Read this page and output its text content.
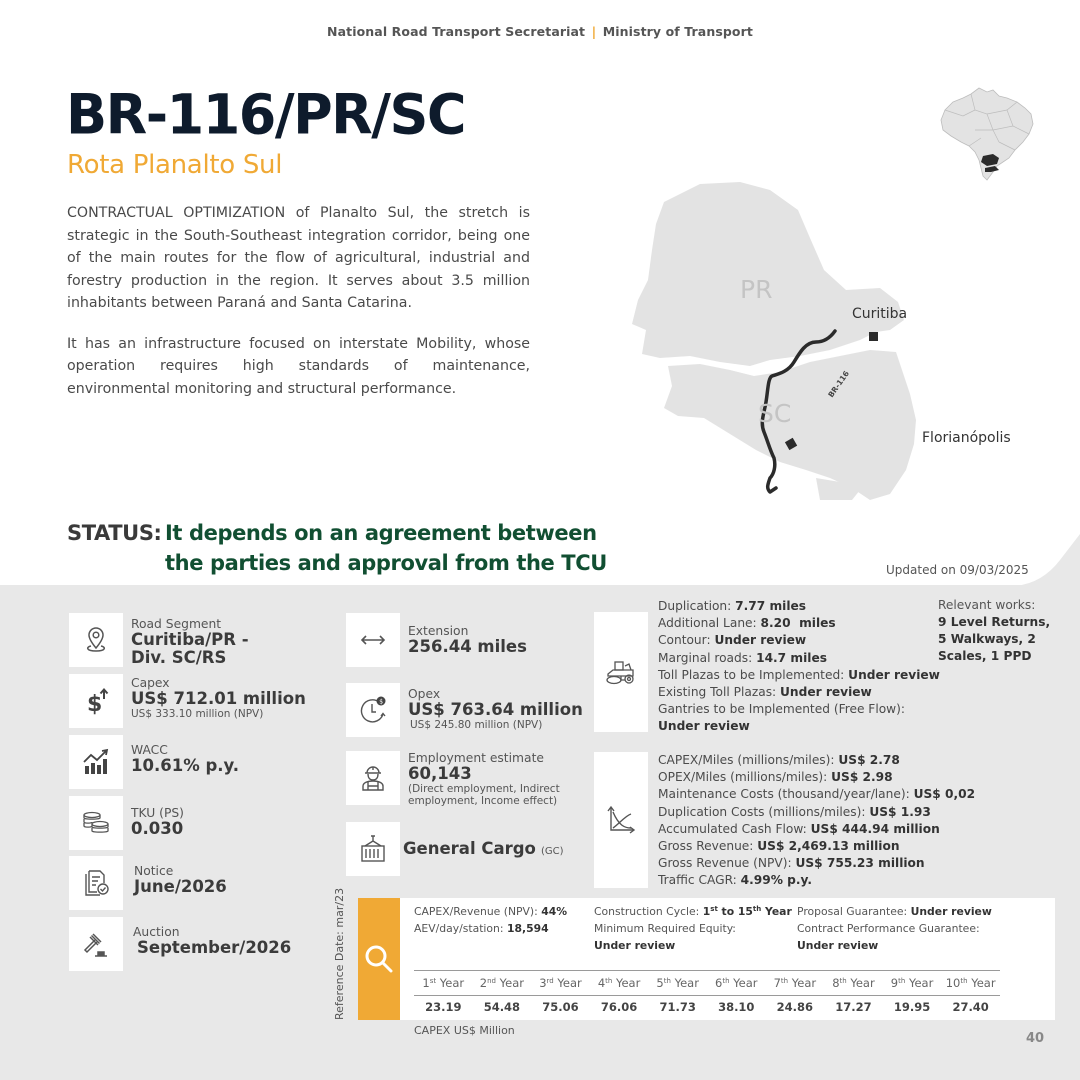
National Road Transport Secretariat | Ministry of Transport
BR-116/PR/SC
Rota Planalto Sul

CONTRACTUAL OPTIMIZATION of Planalto Sul, the stretch is strategic in the South-Southeast integration corridor, being one of the main routes for the flow of agricultural, industrial and forestry production in the region. It serves about 3.5 million inhabitants between Paraná and Santa Catarina.

It has an infrastructure focused on interstate Mobility, whose operation requires high standards of maintenance, environmental monitoring and structural performance.

PR
SC
Curitiba
Florianópolis
BR-116
STATUS: It depends on an agreement between the parties and approval from the TCU	Updated on 09/03/2025
Road Segment
Curitiba/PR - Div. SC/RS
$
Capex
US$ 712.01 million
US$ 333.10 million (NPV)
WACC
10.61% p.y.
TKU (PS)
0.030
Notice
June/2026
Auction
September/2026
Extension
256.44 miles
$
Opex
US$ 763.64 million
US$ 245.80 million (NPV)
Employment estimate
60,143
(Direct employment, Indirect employment, Income effect)
General Cargo (GC)
Duplication: 7.77 miles
Additional Lane: 8.20  miles
Contour: Under review
Marginal roads: 14.7 miles
Toll Plazas to be Implemented: Under review
Existing Toll Plazas: Under review
Gantries to be Implemented (Free Flow):
Under review
Relevant works:
9 Level Returns, 5 Walkways, 2 Scales, 1 PPD
CAPEX/Miles (millions/miles): US$ 2.78
OPEX/Miles (millions/miles): US$ 2.98
Maintenance Costs (thousand/year/lane): US$ 0,02
Duplication Costs (millions/miles): US$ 1.93
Accumulated Cash Flow: US$ 444.94 million
Gross Revenue: US$ 2,469.13 million
Gross Revenue (NPV): US$ 755.23 million
Traffic CAGR: 4.99% p.y.
Reference Date: mar/23	CAPEX/Revenue (NPV): 44%
AEV/day/station: 18,594
Construction Cycle: 1st to 15th Year
Minimum Required Equity:
Under review
Proposal Guarantee: Under review
Contract Performance Guarantee:
Under review
1st Year	2nd Year	3rd Year	4th Year	5th Year	6th Year	7th Year	8th Year	9th Year	10th Year
23.19	54.48	75.06	76.06	71.73	38.10	24.86	17.27	19.95	27.40
CAPEX US$ Million
40
